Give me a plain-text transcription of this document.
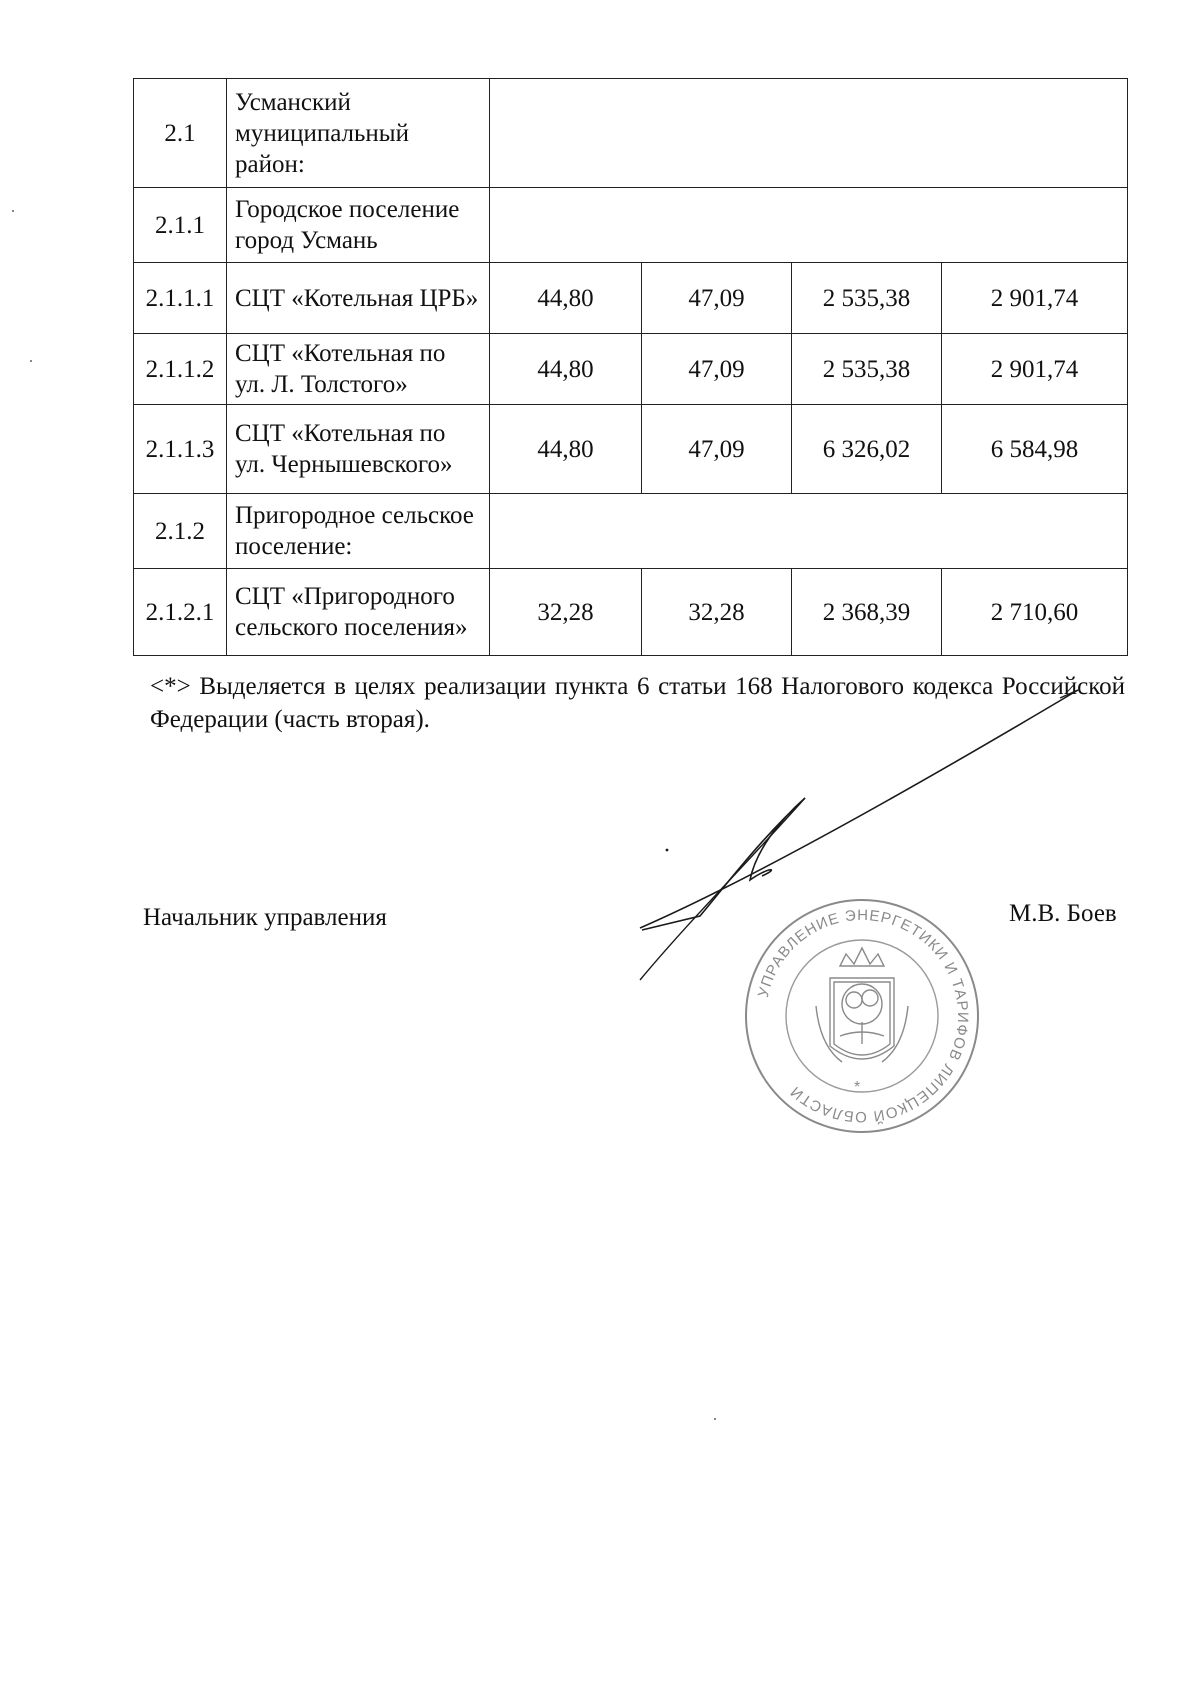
2.1	Усманский муниципальный район:				
2.1.1	Городское поселение город Усмань				
2.1.1.1	СЦТ «Котельная ЦРБ»	44,80	47,09	2 535,38	2 901,74
2.1.1.2	СЦТ «Котельная по ул. Л. Толстого»	44,80	47,09	2 535,38	2 901,74
2.1.1.3	СЦТ «Котельная по ул. Чернышевского»	44,80	47,09	6 326,02	6 584,98
2.1.2	Пригородное сельское поселение:				
2.1.2.1	СЦТ «Пригородного сельского поселения»	32,28	32,28	2 368,39	2 710,60
<*> Выделяется в целях реализации пункта 6 статьи 168 Налогового кодекса Российской Федерации (часть вторая).
Начальник управления	М.В. Боев
УПРАВЛЕНИЕ ЭНЕРГЕТИКИ И ТАРИФОВ ЛИПЕЦКОЙ ОБЛАСТИ	*
